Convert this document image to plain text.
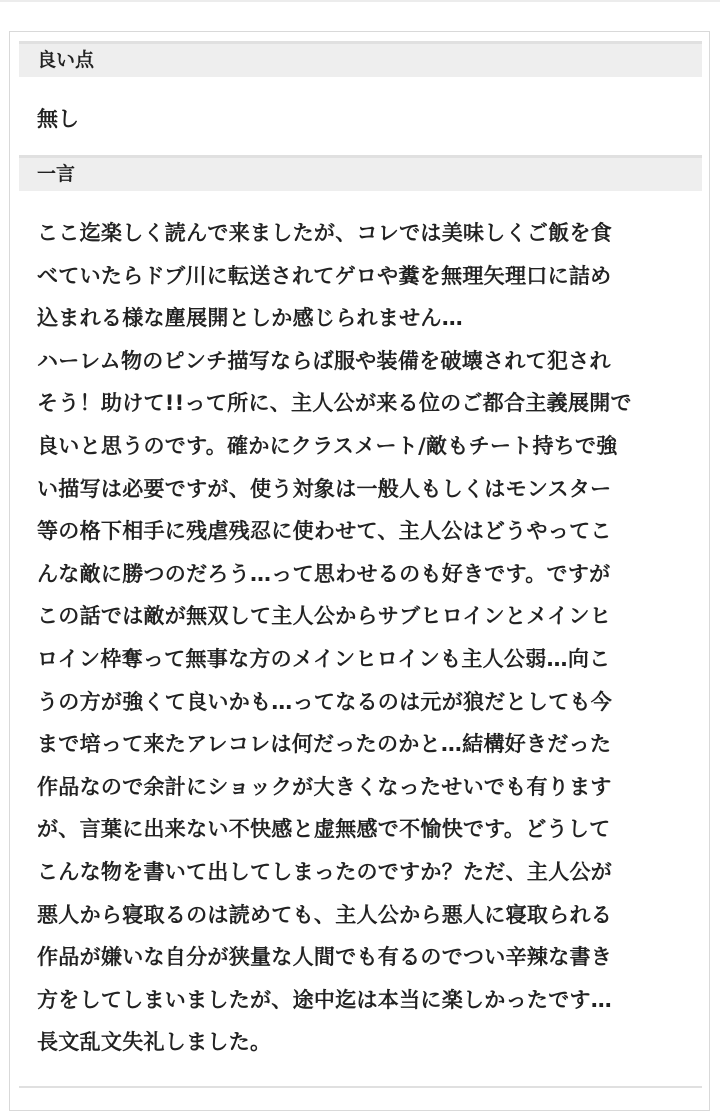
良い点
無し
一言
ここ迄楽しく読んで来ましたが、コレでは美味しくご飯を食
べていたらドブ川に転送されてゲロや糞を無理矢理口に詰め
込まれる様な塵展開としか感じられません…
ハーレム物のピンチ描写ならば服や装備を破壊されて犯され
そう！助けて!!って所に、主人公が来る位のご都合主義展開で
良いと思うのです。確かにクラスメート/敵もチート持ちで強
い描写は必要ですが、使う対象は一般人もしくはモンスター
等の格下相手に残虐残忍に使わせて、主人公はどうやってこ
んな敵に勝つのだろう…って思わせるのも好きです。ですが
この話では敵が無双して主人公からサブヒロインとメインヒ
ロイン枠奪って無事な方のメインヒロインも主人公弱…向こ
うの方が強くて良いかも…ってなるのは元が狼だとしても今
まで培って来たアレコレは何だったのかと…結構好きだった
作品なので余計にショックが大きくなったせいでも有ります
が、言葉に出来ない不快感と虚無感で不愉快です。どうして
こんな物を書いて出してしまったのですか？ただ、主人公が
悪人から寝取るのは読めても、主人公から悪人に寝取られる
作品が嫌いな自分が狭量な人間でも有るのでつい辛辣な書き
方をしてしまいましたが、途中迄は本当に楽しかったです…
長文乱文失礼しました。
